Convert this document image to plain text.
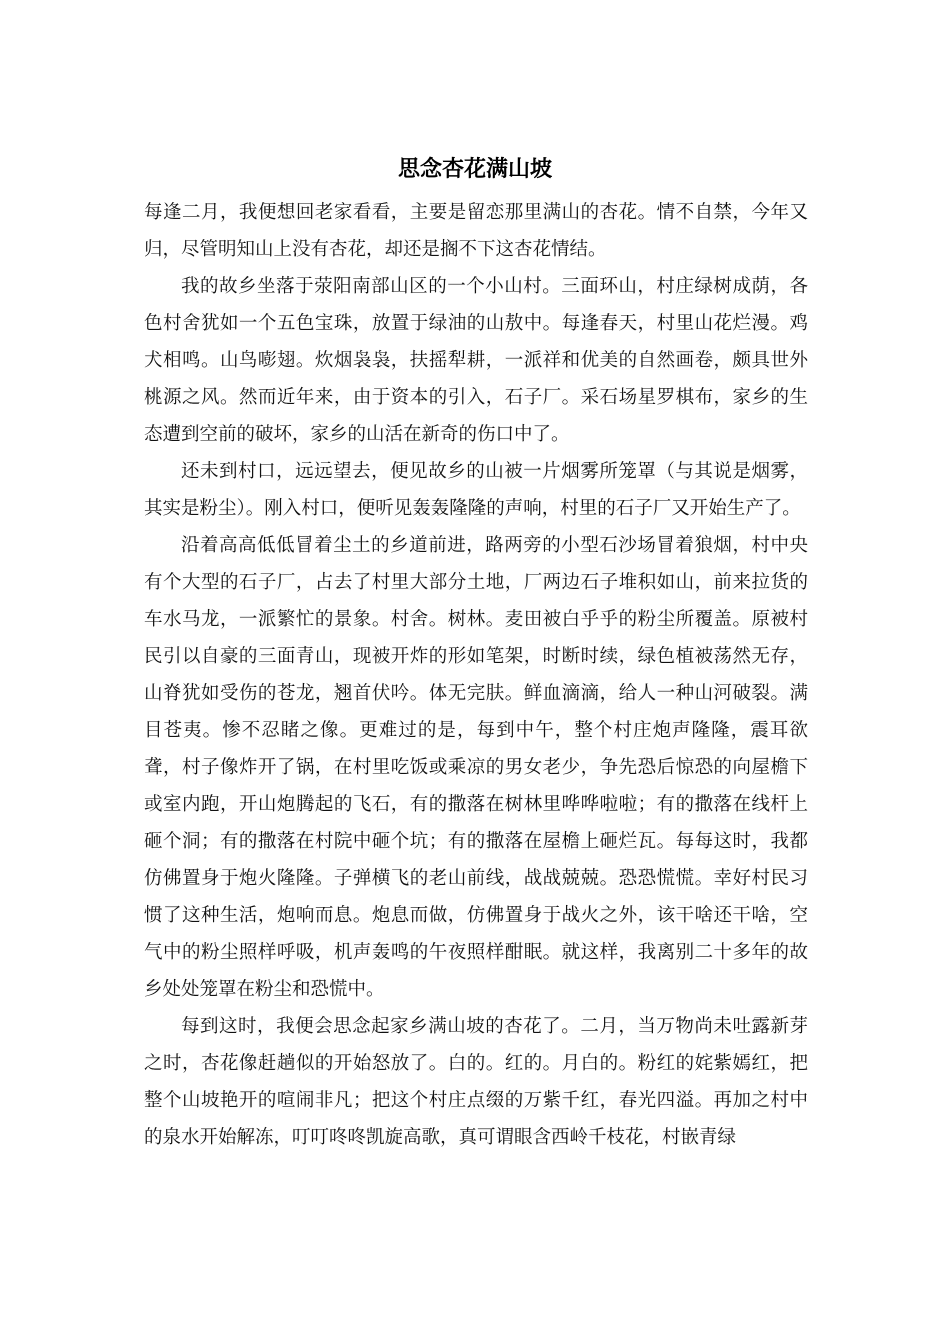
思念杏花满山坡

每逢二月，我便想回老家看看，主要是留恋那里满山的杏花。情不自禁，今年又归，尽管明知山上没有杏花，却还是搁不下这杏花情结。

我的故乡坐落于荥阳南部山区的一个小山村。三面环山，村庄绿树成荫，各色村舍犹如一个五色宝珠，放置于绿油的山敖中。每逢春天，村里山花烂漫。鸡犬相鸣。山鸟嘭翅。炊烟袅袅，扶摇犁耕，一派祥和优美的自然画卷，颇具世外桃源之风。然而近年来，由于资本的引入，石子厂。采石场星罗棋布，家乡的生态遭到空前的破坏，家乡的山活在新奇的伤口中了。

还未到村口，远远望去，便见故乡的山被一片烟雾所笼罩（与其说是烟雾，其实是粉尘）。刚入村口，便听见轰轰隆隆的声响，村里的石子厂又开始生产了。

沿着高高低低冒着尘土的乡道前进，路两旁的小型石沙场冒着狼烟，村中央有个大型的石子厂，占去了村里大部分土地，厂两边石子堆积如山，前来拉货的车水马龙，一派繁忙的景象。村舍。树林。麦田被白乎乎的粉尘所覆盖。原被村民引以自豪的三面青山，现被开炸的形如笔架，时断时续，绿色植被荡然无存，山脊犹如受伤的苍龙，翘首伏吟。体无完肤。鲜血滴滴，给人一种山河破裂。满目苍夷。惨不忍睹之像。更难过的是，每到中午，整个村庄炮声隆隆，震耳欲聋，村子像炸开了锅，在村里吃饭或乘凉的男女老少，争先恐后惊恐的向屋檐下或室内跑，开山炮腾起的飞石，有的撒落在树林里哗哗啦啦；有的撒落在线杆上砸个洞；有的撒落在村院中砸个坑；有的撒落在屋檐上砸烂瓦。每每这时，我都仿佛置身于炮火隆隆。子弹横飞的老山前线，战战兢兢。恐恐慌慌。幸好村民习惯了这种生活，炮响而息。炮息而做，仿佛置身于战火之外，该干啥还干啥，空气中的粉尘照样呼吸，机声轰鸣的午夜照样酣眠。就这样，我离别二十多年的故乡处处笼罩在粉尘和恐慌中。

每到这时，我便会思念起家乡满山坡的杏花了。二月，当万物尚未吐露新芽之时，杏花像赶趟似的开始怒放了。白的。红的。月白的。粉红的姹紫嫣红，把整个山坡艳开的喧闹非凡；把这个村庄点缀的万紫千红，春光四溢。再加之村中的泉水开始解冻，叮叮咚咚凯旋高歌，真可谓眼含西岭千枝花，村嵌青绿
